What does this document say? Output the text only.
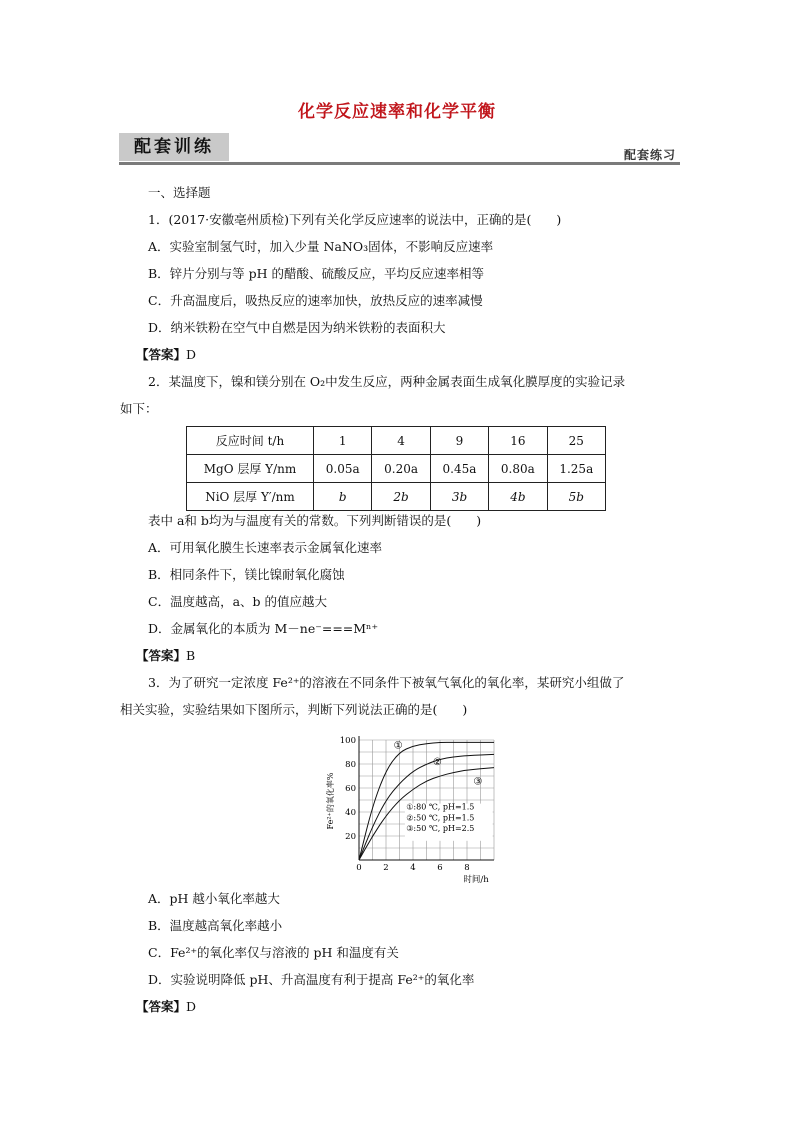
化学反应速率和化学平衡
配套训练	配套练习
一、选择题
1．(2017·安徽亳州质检)下列有关化学反应速率的说法中，正确的是(　　)
A．实验室制氢气时，加入少量 NaNO₃固体，不影响反应速率
B．锌片分别与等 pH 的醋酸、硫酸反应，平均反应速率相等
C．升高温度后，吸热反应的速率加快，放热反应的速率减慢
D．纳米铁粉在空气中自燃是因为纳米铁粉的表面积大
【答案】D
2．某温度下，镍和镁分别在 O₂中发生反应，两种金属表面生成氧化膜厚度的实验记录
如下：
反应时间 t/h	1	4	9	16	25
MgO 层厚 Y/nm	0.05a	0.20a	0.45a	0.80a	1.25a
NiO 层厚 Y′/nm	b	2b	3b	4b	5b
表中 a和 b均为与温度有关的常数。下列判断错误的是(　　)
A．可用氧化膜生长速率表示金属氧化速率
B．相同条件下，镁比镍耐氧化腐蚀
C．温度越高，a、b 的值应越大
D．金属氧化的本质为 M－ne⁻===Mⁿ⁺
【答案】B
3．为了研究一定浓度 Fe²⁺的溶液在不同条件下被氧气氧化的氧化率，某研究小组做了
相关实验，实验结果如下图所示，判断下列说法正确的是(　　)
20
40
60
80
100
0	2	4	6	8
①
②
③
①:80 ℃, pH=1.5
②:50 ℃, pH=1.5
③:50 ℃, pH=2.5
Fe²⁺的氧化率%
时间/h
A．pH 越小氧化率越大
B．温度越高氧化率越小
C．Fe²⁺的氧化率仅与溶液的 pH 和温度有关
D．实验说明降低 pH、升高温度有利于提高 Fe²⁺的氧化率
【答案】D
